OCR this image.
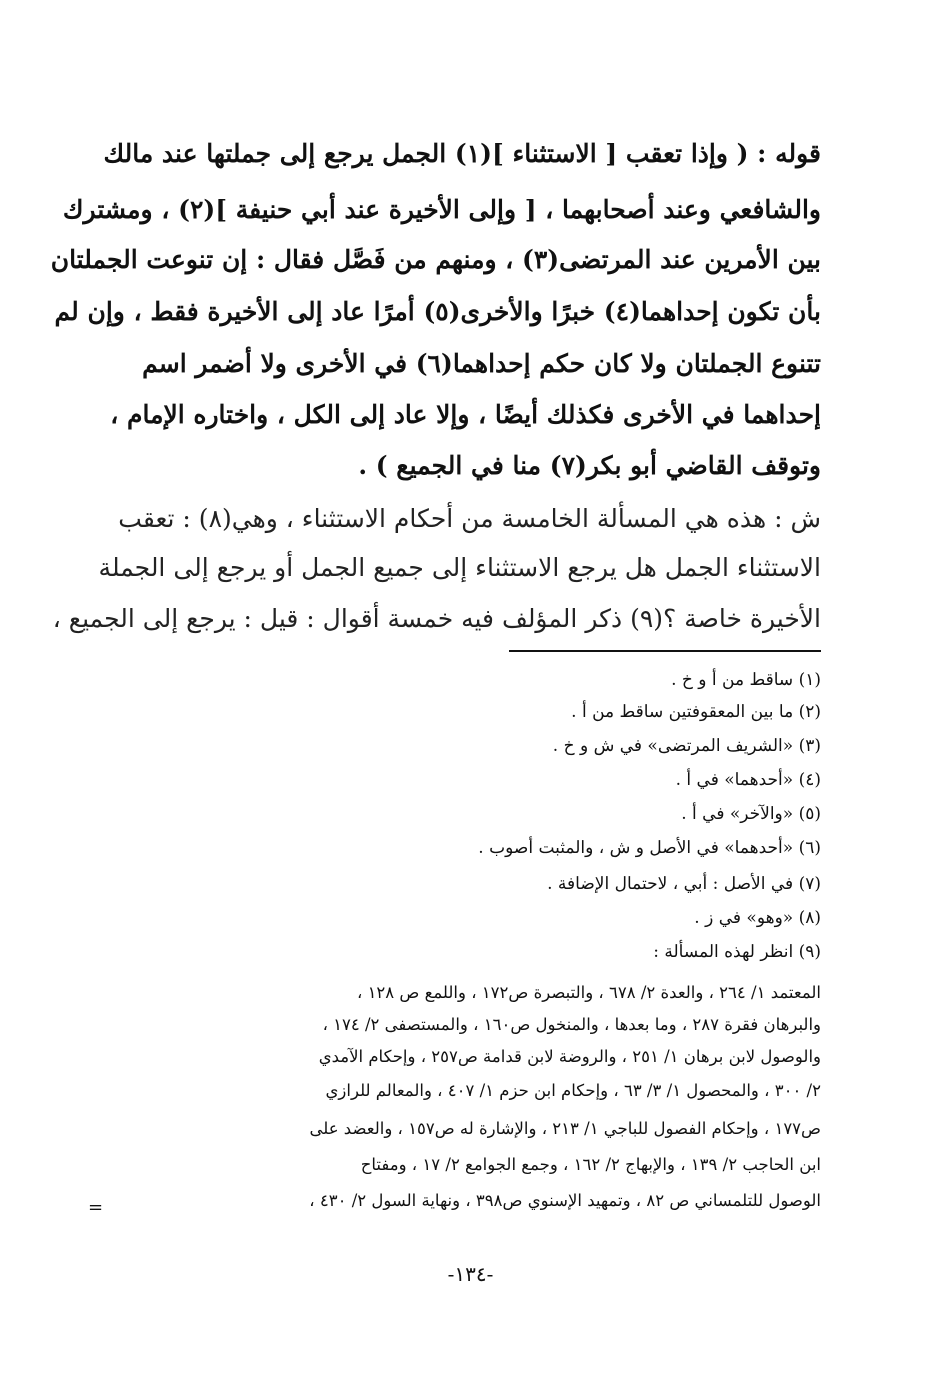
قوله : ( وإذا تعقب [ الاستثناء ](١) الجمل يرجع إلى جملتها عند مالك
والشافعي وعند أصحابهما ، [ وإلى الأخيرة عند أبي حنيفة ](٢) ، ومشترك
بين الأمرين عند المرتضى(٣) ، ومنهم من فَصَّل فقال : إن تنوعت الجملتان
بأن تكون إحداهما(٤) خبرًا والأخرى(٥) أمرًا عاد إلى الأخيرة فقط ، وإن لم
تتنوع الجملتان ولا كان حكم إحداهما(٦) في الأخرى ولا أضمر اسم
إحداهما في الأخرى فكذلك أيضًا ، وإلا عاد إلى الكل ، واختاره الإمام ،
وتوقف القاضي أبو بكر(٧) منا في الجميع ) .
ش : هذه هي المسألة الخامسة من أحكام الاستثناء ، وهي(٨) : تعقب
الاستثناء الجمل هل يرجع الاستثناء إلى جميع الجمل أو يرجع إلى الجملة
الأخيرة خاصة ؟(٩) ذكر المؤلف فيه خمسة أقوال : قيل : يرجع إلى الجميع ،
(١) ساقط من أ و خ .
(٢) ما بين المعقوفتين ساقط من أ .
(٣) «الشريف المرتضى» في ش و خ .
(٤) «أحدهما» في أ .
(٥) «والآخر» في أ .
(٦) «أحدهما» في الأصل و ش ، والمثبت أصوب .
(٧) في الأصل : أبي ، لاحتمال الإضافة .
(٨) «وهو» في ز .
(٩) انظر لهذه المسألة :
المعتمد ١/ ٢٦٤ ، والعدة ٢/ ٦٧٨ ، والتبصرة ص١٧٢ ، واللمع ص ١٢٨ ،
والبرهان فقرة ٢٨٧ ، وما بعدها ، والمنخول ص١٦٠ ، والمستصفى ٢/ ١٧٤ ،
والوصول لابن برهان ١/ ٢٥١ ، والروضة لابن قدامة ص٢٥٧ ، وإحكام الآمدي
٢/ ٣٠٠ ، والمحصول ١/ ٣/ ٦٣ ، وإحكام ابن حزم ١/ ٤٠٧ ، والمعالم للرازي
ص١٧٧ ، وإحكام الفصول للباجي ١/ ٢١٣ ، والإشارة له ص١٥٧ ، والعضد على
ابن الحاجب ٢/ ١٣٩ ، والإبهاج ٢/ ١٦٢ ، وجمع الجوامع ٢/ ١٧ ، ومفتاح
الوصول للتلمساني ص ٨٢ ، وتمهيد الإسنوي ص٣٩٨ ، ونهاية السول ٢/ ٤٣٠ ،
=
-١٣٤-
